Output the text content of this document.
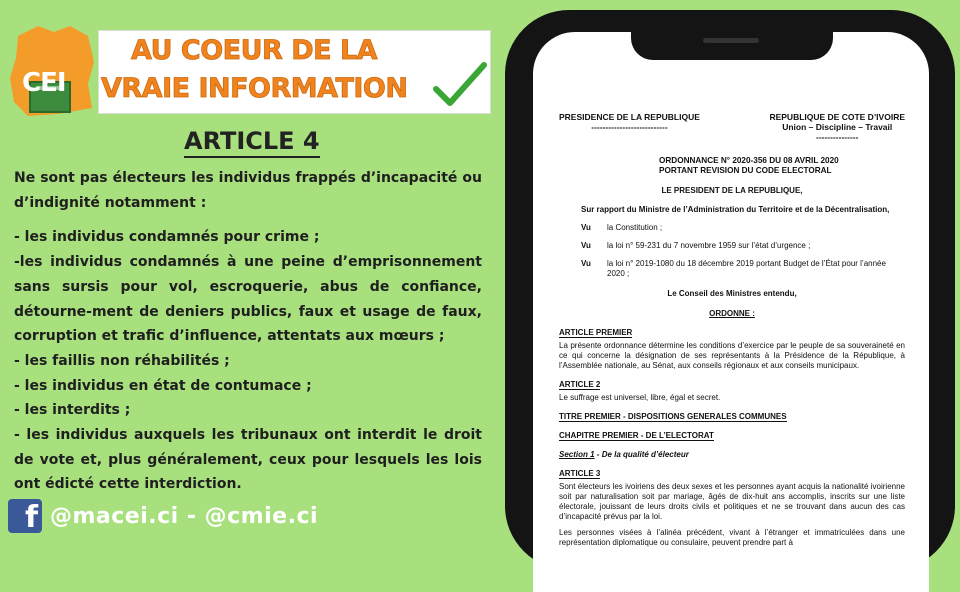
CEI
AU COEUR DE LA
VRAIE INFORMATION
ARTICLE 4

Ne sont pas électeurs les individus frappés d’incapacité ou d’indignité notamment :

- les individus condamnés pour crime ;

-les individus condamnés à une peine d’emprisonnement sans sursis pour vol, escroquerie, abus de confiance, détourne-ment de deniers publics, faux et usage de faux, corruption et trafic d’influence, attentats aux mœurs ;

- les faillis non réhabilités ;

- les individus en état de contumace ;

- les interdits ;

- les individus auxquels les tribunaux ont interdit le droit de vote et, plus généralement, ceux pour lesquels les lois ont édicté cette interdiction.

f @macei.ci - @cmie.ci
PRESIDENCE DE LA REPUBLIQUE
---------------------------
REPUBLIQUE DE COTE D’IVOIRE
Union – Discipline – Travail
---------------
ORDONNANCE N° 2020-356 DU 08 AVRIL 2020
PORTANT REVISION DU CODE ELECTORAL
LE PRESIDENT DE LA REPUBLIQUE,
Sur rapport du Ministre de l’Administration du Territoire et de la Décentralisation,
Vu	la Constitution ;
Vu	la loi n° 59-231 du 7 novembre 1959 sur l’état d’urgence ;
Vu	la loi n° 2019-1080 du 18 décembre 2019 portant Budget de l’État pour l’année 2020 ;
Le Conseil des Ministres entendu,
ORDONNE :
ARTICLE PREMIER
La présente ordonnance détermine les conditions d’exercice par le peuple de sa souveraineté en ce qui concerne la désignation de ses représentants à la Présidence de la République, à l’Assemblée nationale, au Sénat, aux conseils régionaux et aux conseils municipaux.
ARTICLE 2
Le suffrage est universel, libre, égal et secret.
TITRE PREMIER - DISPOSITIONS GENERALES COMMUNES
CHAPITRE PREMIER - DE L’ELECTORAT
Section 1 - De la qualité d’électeur
ARTICLE 3
Sont électeurs les ivoiriens des deux sexes et les personnes ayant acquis la nationalité ivoirienne soit par naturalisation soit par mariage, âgés de dix-huit ans accomplis, inscrits sur une liste électorale, jouissant de leurs droits civils et politiques et ne se trouvant dans aucun des cas d’incapacité prévus par la loi.
Les personnes visées à l’alinéa précédent, vivant à l’étranger et immatriculées dans une représentation diplomatique ou consulaire, peuvent prendre part à
